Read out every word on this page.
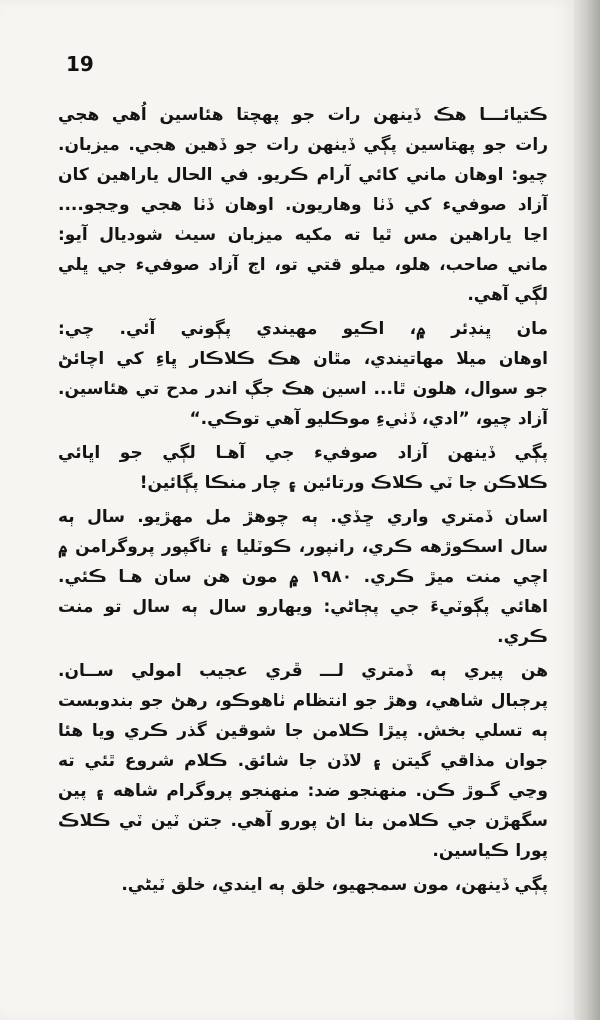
19
ڪتيائـــا هڪ ڏينهن رات جو پهچتا هئاسين اُهي هجي
رات جو پهتاسين پڳي ڏينهن رات جو ڏهين هجي. ميزبان.
چيو: اوهان ماني کائي آرام ڪريو. في الحال ياراهين کان
آزاد صوفيء کي ڏٺا وهاريون. اوهان ڏٺا هجي وڃجو....
اڃا ياراهين مس ٿيا ته مکيه ميزبان سيٺ شوديال آيو:
ماني صاحب، هلو، ميلو قتي تو، اڄ آزاد صوفيء جي ڀلي
لڳي آهي.
مان ڀنڊئر ۾، اڪيو مهيندي پڳوني آئي. چي:
اوهان ميلا مهاتيندي، مٿان هڪ ڪلاڪار ڀاءِ کي اچائڻ
جو سوال، هلون ٿا... اسين هڪ جڳ اندر مدح تي هئاسين.
آزاد چيو، ”ادي، ڏٺيءِ موڪليو آهي توڪي.“
پڳي ڏينهن آزاد صوفيء جي آهـا لڳي جو اڀائي
ڪلاڪن جا ٽي ڪلاڪ ورتائين ۽ چار منڪا پڳائين!
اسان ڏمتري واري ڇڏي. ٻه چوهڙ مل مهڙيو. سال ٻه
سال اسڪوڙهه ڪري، رانپور، ڪوٽليا ۽ ناگپور پروگرامن ۾
اچي منت ميڙ ڪري. ۱۹۸۰ ۾ مون هن سان هـا ڪئي.
اهائي پڳوٽيءَ جي پڄاڻي: ويهارو سال ٻه سال تو منت
ڪري.
هن پيري ٻه ڏمتري لـــ ڦري عجيب امولي ســان.
پرڄبال شاهي، وهڙ جو انتظام ٺاهوڪو، رهڻ جو بندوبست
ٻه تسلي بخش. پيڙا ڪلامن جا شوقين گذر ڪري ويا هئا
جوان مذاقي گيتن ۽ لاڏن جا شائق. ڪلام شروع ٿئي ته
وڃي گـوڙ ڪن. منهنجو ضد: منهنجو پروگرام شاهه ۽ پين
سگهڙن جي ڪلامن بنا اڻ پورو آهي. جتن ٽين ٽي ڪلاڪ
پورا ڪياسين.
پڳي ڏينهن، مون سمجهيو، خلق ٻه ايندي، خلق ٽيڻي.
